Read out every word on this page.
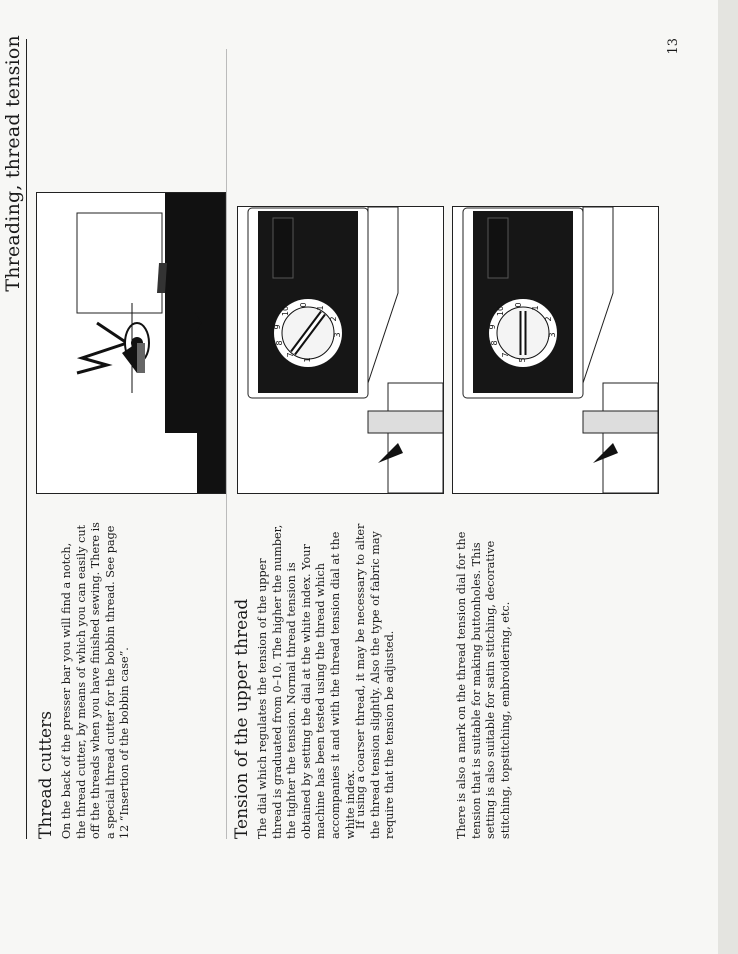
Threading, thread tension
1
7
8
9
10
0
1
2
3
5
7
8
9
10
0
1
2
3
Thread cutters On the back of the presser bar you will find a notch, the thread cutter, by means of which you can easily cut off the threads when you have finished sewing. There is a special thread cutter for the bobbin thread. See page 12 “Insertion of the bobbin case”.	Tension of the upper thread The dial which regulates the tension of the upper thread is graduated from 0–10. The higher the number, the tighter the tension. Normal thread tension is obtained by setting the dial at the white index. Your machine has been tested using the thread which accompanies it and with the thread tension dial at the white index.

If using a coarser thread, it may be necessary to alter the thread tension slightly. Also the type of fabric may require that the tension be adjusted.	There is also a mark on the thread tension dial for the tension that is suitable for making buttonholes. This setting is also suitable for satin stitching, decorative stitching, topstitching, embroidering, etc.

13
